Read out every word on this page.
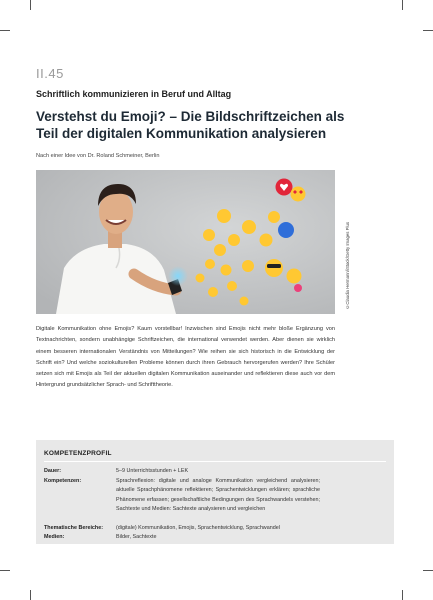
II.45
Schriftlich kommunizieren in Beruf und Alltag
Verstehst du Emoji? – Die Bildschriftzeichen als Teil der digitalen Kommunikation analysieren
Nach einer Idee von Dr. Roland Schmeiner, Berlin
©Claudia Hermann/iStock/Getty Images Plus
Digitale Kommunikation ohne Emojis? Kaum vorstellbar! Inzwischen sind Emojis nicht mehr bloße Ergänzung von Textnachrichten, sondern unabhängige Schriftzeichen, die international verwendet werden. Aber dienen sie wirklich einem besseren internationalen Verständnis von Mitteilungen? Wie reihen sie sich historisch in die Entwicklung der Schrift ein? Und welche soziokulturellen Probleme können durch ihren Gebrauch hervorgerufen werden? Ihre Schüler setzen sich mit Emojis als Teil der aktuellen digitalen Kommunikation auseinander und reflektieren diese auch vor dem Hintergrund grundsätzlicher Sprach- und Schrifttheorie.
KOMPETENZPROFIL
Dauer:	5–9 Unterrichtsstunden + LEK
Kompetenzen:	Sprachreflexion: digitale und analoge Kommunikation vergleichend analysieren; aktuelle Sprachphänomene reflektieren; Sprachentwicklungen erklären; sprachliche Phänomene erfassen; gesellschaftliche Bedingungen des Sprachwandels verstehen; Sachtexte und Medien: Sachtexte analysieren und vergleichen
Thematische Bereiche:	(digitale) Kommunikation, Emojis, Sprachentwicklung, Sprachwandel
Medien:	Bilder, Sachtexte
